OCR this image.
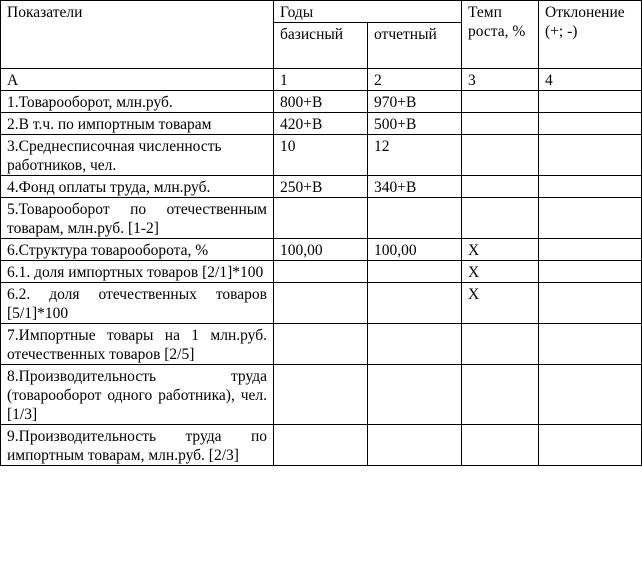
Показатели	Годы		Темп роста, %	Отклонение (+; -)
	базисный	отчетный		
А	1	2	3	4
1.Товарооборот, млн.руб.	800+В	970+В		
2.В т.ч. по импортным товарам	420+В	500+В		
3.Среднесписочная численность работников, чел.	10	12		
4.Фонд оплаты труда, млн.руб.	250+В	340+В		
5.Товарооборот по отечественным товарам, млн.руб. [1-2]				
6.Структура товарооборота, %	100,00	100,00	Х	
6.1. доля импортных товаров [2/1]*100			Х	
6.2. доля отечественных товаров [5/1]*100			Х	
7.Импортные товары на 1 млн.руб. отечественных товаров [2/5]				
8.Производительность труда (товарооборот одного работника), чел. [1/3]				
9.Производительность труда по импортным товарам, млн.руб. [2/3]				
